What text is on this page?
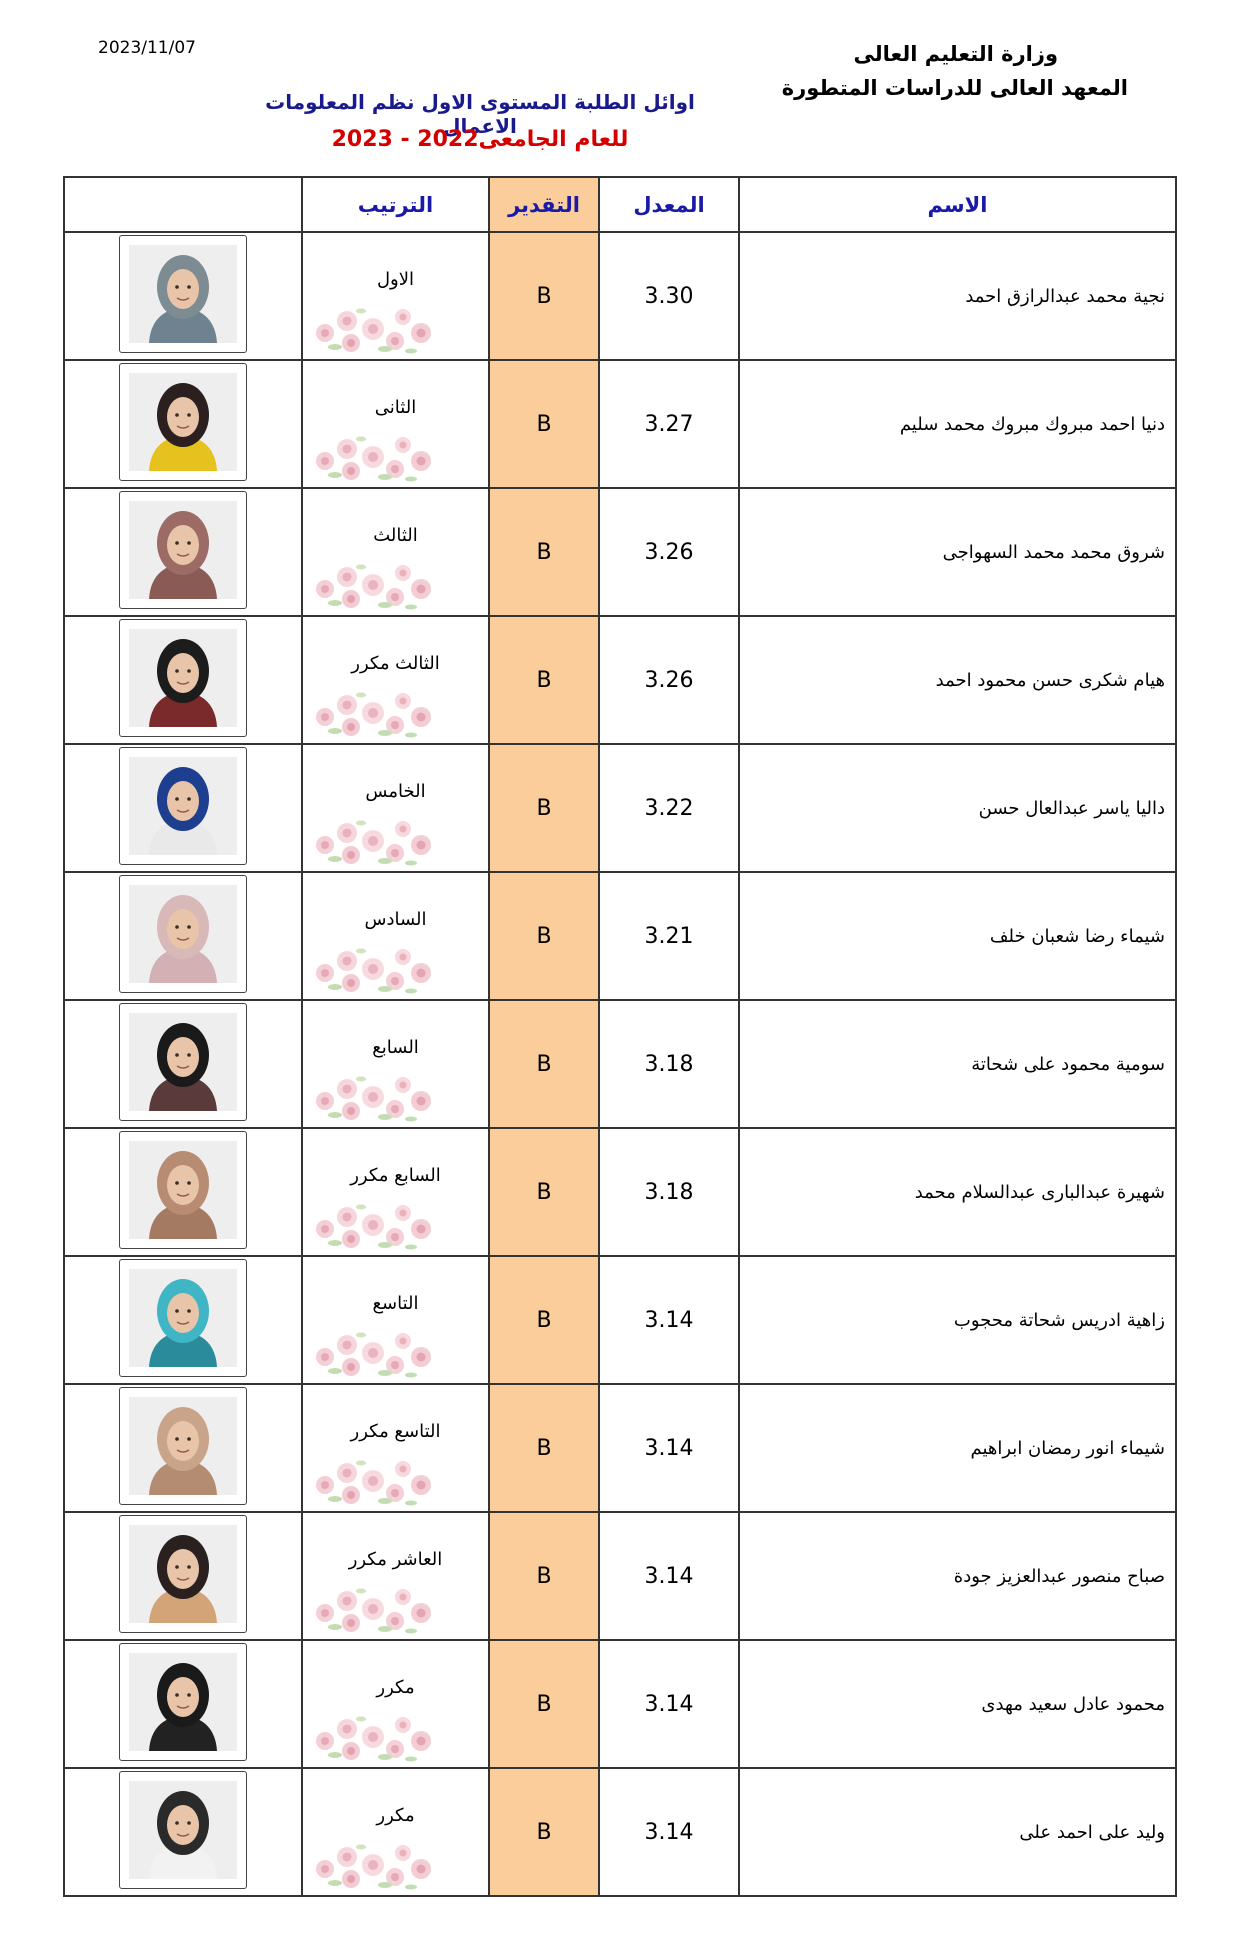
2023/11/07	وزارة التعليم العالى
المعهد العالى للدراسات المتطورة
اوائل الطلبة المستوى الاول نظم المعلومات الاعمال
للعام الجامعى2022 - 2023
	الترتيب	التقدير	المعدل	الاسم

الاول	B	3.30	نجية محمد عبدالرازق احمد

الثانى	B	3.27	دنيا احمد مبروك مبروك محمد سليم

الثالث	B	3.26	شروق محمد محمد السهواجى

الثالث مكرر	B	3.26	هيام شكرى حسن محمود احمد

الخامس	B	3.22	داليا ياسر عبدالعال حسن

السادس	B	3.21	شيماء رضا شعبان خلف

السابع	B	3.18	سومية محمود على شحاتة

السابع مكرر	B	3.18	شهيرة عبدالبارى عبدالسلام محمد

التاسع	B	3.14	زاهية ادريس شحاتة محجوب

التاسع مكرر	B	3.14	شيماء انور رمضان ابراهيم

العاشر مكرر	B	3.14	صباح منصور عبدالعزيز جودة

مكرر	B	3.14	محمود عادل سعيد مهدى

مكرر	B	3.14	وليد على احمد على
